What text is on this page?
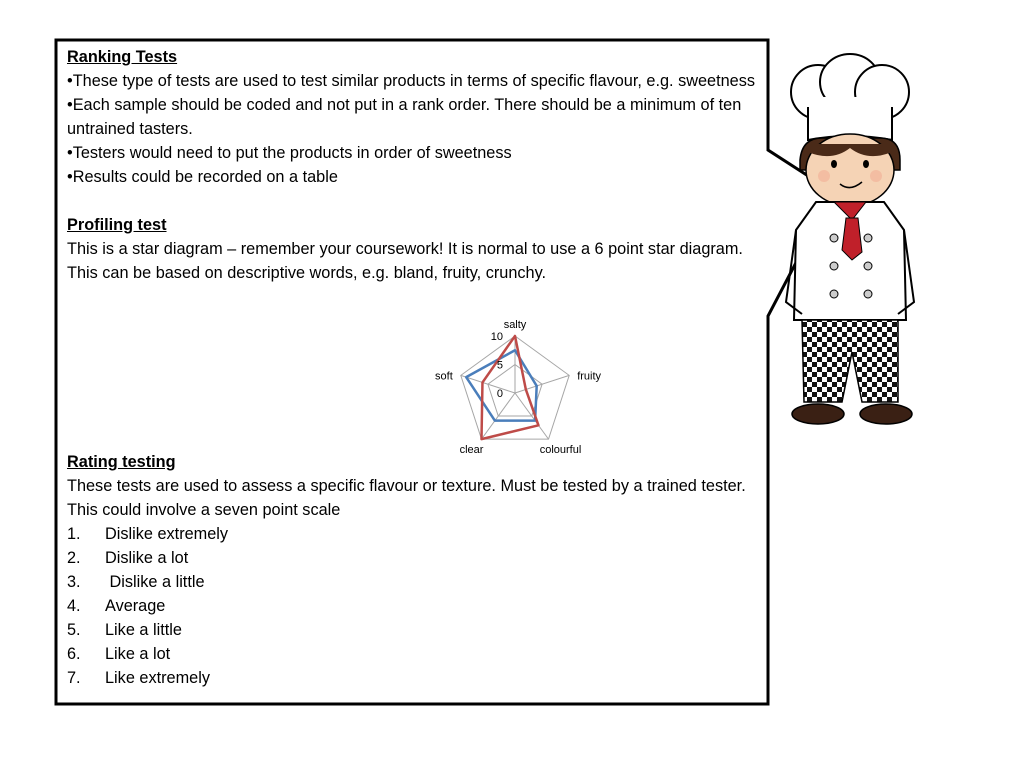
Ranking Tests

•These type of tests are used to test similar products in terms of specific flavour, e.g. sweetness

•Each sample should be coded and not put in a rank order. There should be a minimum of ten untrained tasters.

•Testers would need to put the products in order of sweetness

•Results could be recorded on a table

Profiling test

This is a star diagram – remember your coursework! It is normal to use a 6 point star diagram. This can be based on descriptive words, e.g. bland, fruity, crunchy.

Rating testing

These tests are used to assess a specific flavour or texture. Must be tested by a trained tester. This could involve a seven point scale

1. Dislike extremely

2. Dislike a lot

3. Dislike a little

4. Average

5. Like a little

6. Like a lot

7. Like extremely

0
5
10
salty
fruity
colourful
clear
soft
